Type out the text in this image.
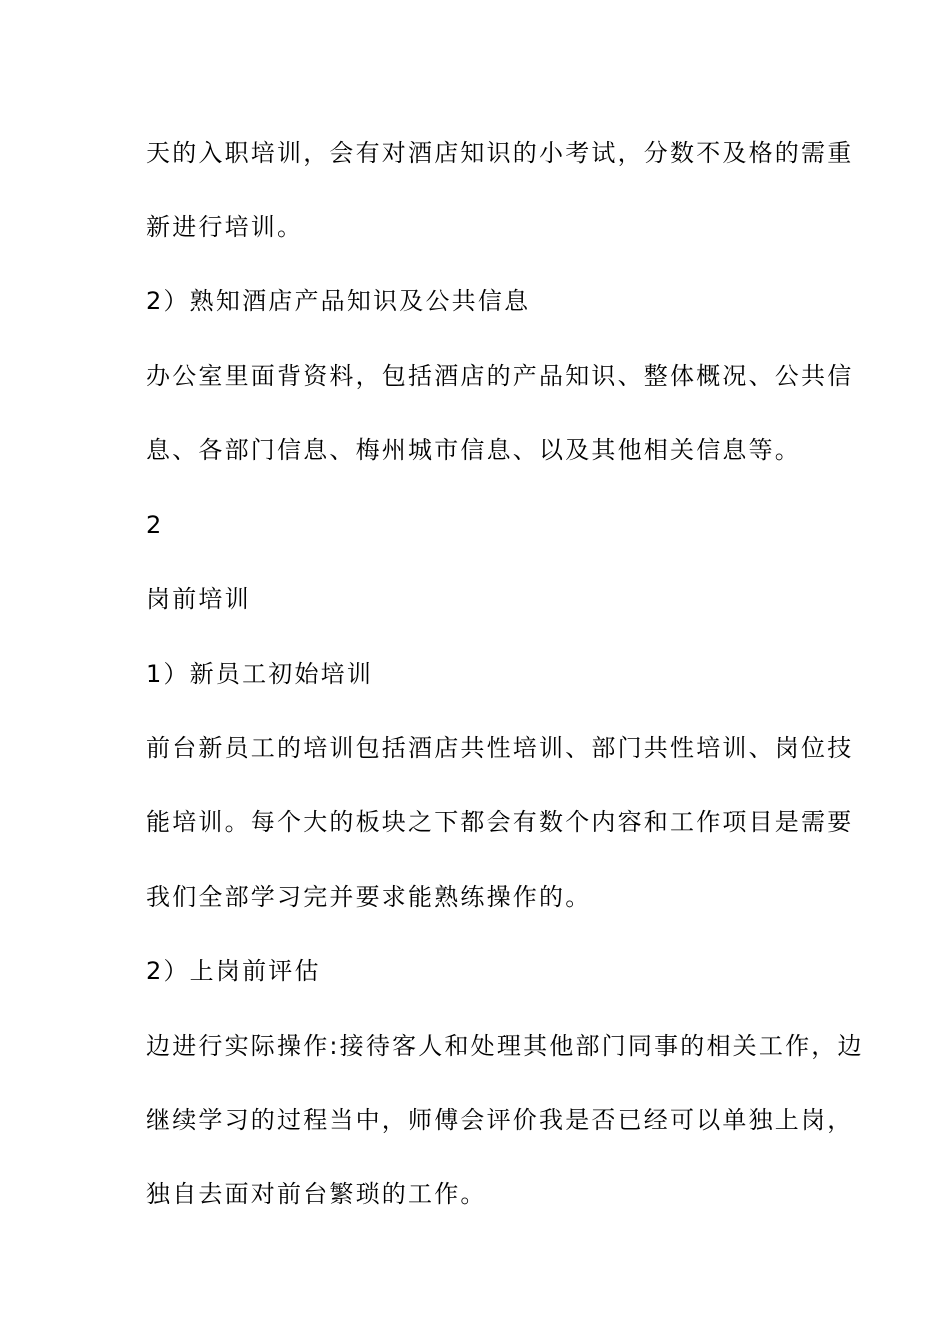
天的入职培训，会有对酒店知识的小考试，分数不及格的需重
新进行培训。
2）熟知酒店产品知识及公共信息
办公室里面背资料，包括酒店的产品知识、整体概况、公共信
息、各部门信息、梅州城市信息、以及其他相关信息等。
2
岗前培训
1）新员工初始培训
前台新员工的培训包括酒店共性培训、部门共性培训、岗位技
能培训。每个大的板块之下都会有数个内容和工作项目是需要
我们全部学习完并要求能熟练操作的。
2）上岗前评估
边进行实际操作:接待客人和处理其他部门同事的相关工作，边
继续学习的过程当中，师傅会评价我是否已经可以单独上岗，
独自去面对前台繁琐的工作。
